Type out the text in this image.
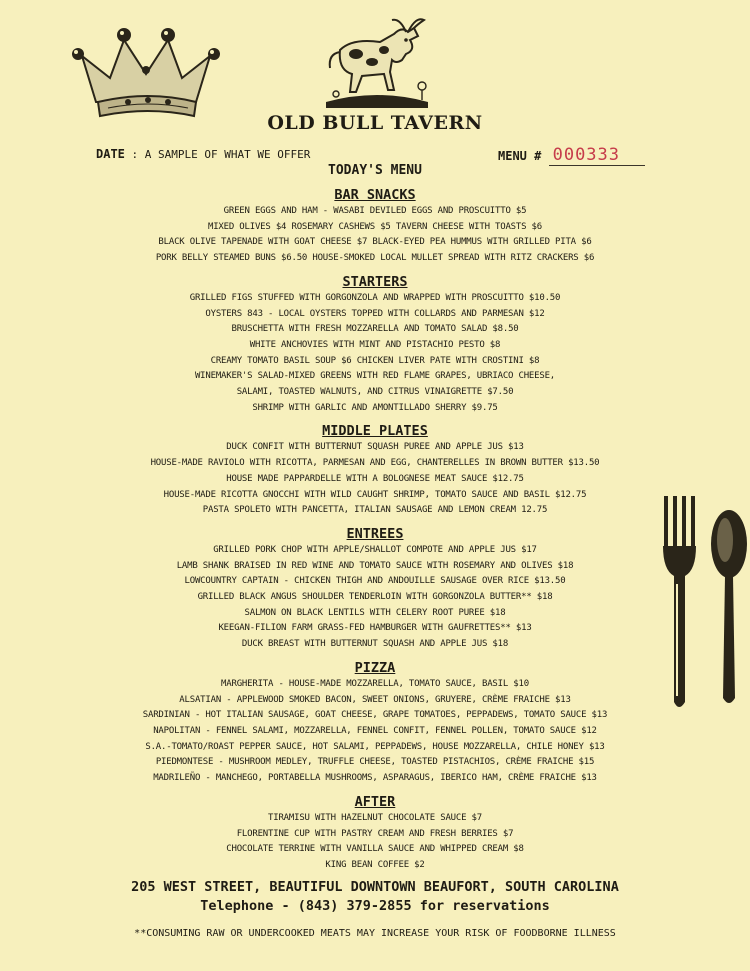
OLD BULL TAVERN
DATE : A SAMPLE OF WHAT WE OFFER	MENU # 000333
TODAY'S MENU
BAR SNACKS
GREEN EGGS AND HAM - WASABI DEVILED EGGS AND PROSCUITTO $5
MIXED OLIVES $4 ROSEMARY CASHEWS $5 TAVERN CHEESE WITH TOASTS $6
BLACK OLIVE TAPENADE WITH GOAT CHEESE $7 BLACK-EYED PEA HUMMUS WITH GRILLED PITA $6
PORK BELLY STEAMED BUNS $6.50 HOUSE-SMOKED LOCAL MULLET SPREAD WITH RITZ CRACKERS $6
STARTERS
GRILLED FIGS STUFFED WITH GORGONZOLA AND WRAPPED WITH PROSCUITTO $10.50
OYSTERS 843 - LOCAL OYSTERS TOPPED WITH COLLARDS AND PARMESAN $12
BRUSCHETTA WITH FRESH MOZZARELLA AND TOMATO SALAD $8.50
WHITE ANCHOVIES WITH MINT AND PISTACHIO PESTO $8
CREAMY TOMATO BASIL SOUP $6 CHICKEN LIVER PATE WITH CROSTINI $8
WINEMAKER'S SALAD-MIXED GREENS WITH RED FLAME GRAPES, UBRIACO CHEESE,
SALAMI, TOASTED WALNUTS, AND CITRUS VINAIGRETTE $7.50
SHRIMP WITH GARLIC AND AMONTILLADO SHERRY $9.75
MIDDLE PLATES
DUCK CONFIT WITH BUTTERNUT SQUASH PUREE AND APPLE JUS $13
HOUSE-MADE RAVIOLO WITH RICOTTA, PARMESAN AND EGG, CHANTERELLES IN BROWN BUTTER $13.50
HOUSE MADE PAPPARDELLE WITH A BOLOGNESE MEAT SAUCE $12.75
HOUSE-MADE RICOTTA GNOCCHI WITH WILD CAUGHT SHRIMP, TOMATO SAUCE AND BASIL $12.75
PASTA SPOLETO WITH PANCETTA, ITALIAN SAUSAGE AND LEMON CREAM 12.75
ENTREES
GRILLED PORK CHOP WITH APPLE/SHALLOT COMPOTE AND APPLE JUS $17
LAMB SHANK BRAISED IN RED WINE AND TOMATO SAUCE WITH ROSEMARY AND OLIVES $18
LOWCOUNTRY CAPTAIN - CHICKEN THIGH AND ANDOUILLE SAUSAGE OVER RICE $13.50
GRILLED BLACK ANGUS SHOULDER TENDERLOIN WITH GORGONZOLA BUTTER** $18
SALMON ON BLACK LENTILS WITH CELERY ROOT PUREE $18
KEEGAN-FILION FARM GRASS-FED HAMBURGER WITH GAUFRETTES** $13
DUCK BREAST WITH BUTTERNUT SQUASH AND APPLE JUS $18
PIZZA
MARGHERITA - HOUSE-MADE MOZZARELLA, TOMATO SAUCE, BASIL $10
ALSATIAN - APPLEWOOD SMOKED BACON, SWEET ONIONS, GRUYERE, CRÈME FRAICHE $13
SARDINIAN - HOT ITALIAN SAUSAGE, GOAT CHEESE, GRAPE TOMATOES, PEPPADEWS, TOMATO SAUCE $13
NAPOLITAN - FENNEL SALAMI, MOZZARELLA, FENNEL CONFIT, FENNEL POLLEN, TOMATO SAUCE $12
S.A.-TOMATO/ROAST PEPPER SAUCE, HOT SALAMI, PEPPADEWS, HOUSE MOZZARELLA, CHILE HONEY $13
PIEDMONTESE - MUSHROOM MEDLEY, TRUFFLE CHEESE, TOASTED PISTACHIOS, CRÈME FRAICHE $15
MADRILEÑO - MANCHEGO, PORTABELLA MUSHROOMS, ASPARAGUS, IBERICO HAM, CRÈME FRAICHE $13
AFTER
TIRAMISU WITH HAZELNUT CHOCOLATE SAUCE $7
FLORENTINE CUP WITH PASTRY CREAM AND FRESH BERRIES $7
CHOCOLATE TERRINE WITH VANILLA SAUCE AND WHIPPED CREAM $8
KING BEAN COFFEE $2
205 WEST STREET, BEAUTIFUL DOWNTOWN BEAUFORT, SOUTH CAROLINA
Telephone - (843) 379-2855 for reservations
**CONSUMING RAW OR UNDERCOOKED MEATS MAY INCREASE YOUR RISK OF FOODBORNE ILLNESS
